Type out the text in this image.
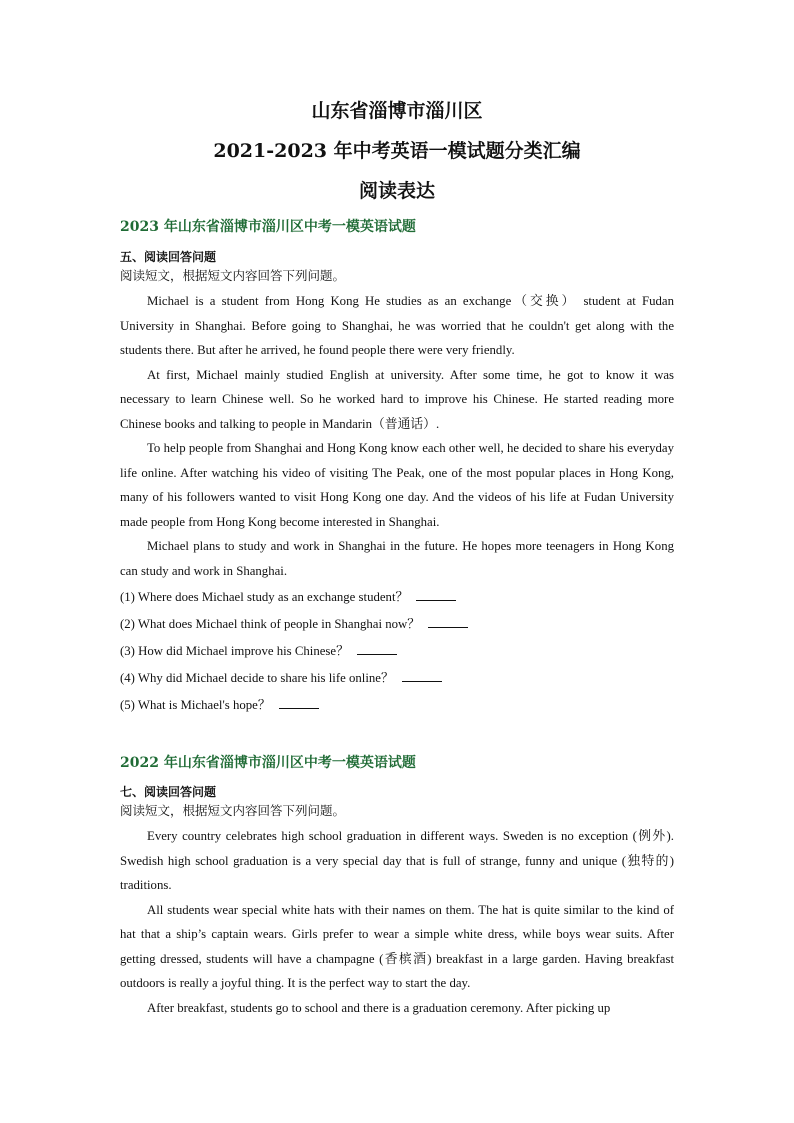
山东省淄博市淄川区
2021-2023 年中考英语一模试题分类汇编
阅读表达
2023 年山东省淄博市淄川区中考一模英语试题
五、阅读回答问题
阅读短文，根据短文内容回答下列问题。

Michael is a student from Hong Kong He studies as an exchange（交换） student at Fudan University in Shanghai. Before going to Shanghai, he was worried that he couldn't get along with the students there. But after he arrived, he found people there were very friendly.

At first, Michael mainly studied English at university. After some time, he got to know it was necessary to learn Chinese well. So he worked hard to improve his Chinese. He started reading more Chinese books and talking to people in Mandarin（普通话）.

To help people from Shanghai and Hong Kong know each other well, he decided to share his everyday life online. After watching his video of visiting The Peak, one of the most popular places in Hong Kong, many of his followers wanted to visit Hong Kong one day. And the videos of his life at Fudan University made people from Hong Kong become interested in Shanghai.

Michael plans to study and work in Shanghai in the future. He hopes more teenagers in Hong Kong can study and work in Shanghai.

(1) Where does Michael study as an exchange student？
(2) What does Michael think of people in Shanghai now？
(3) How did Michael improve his Chinese？
(4) Why did Michael decide to share his life online？
(5) What is Michael's hope？
2022 年山东省淄博市淄川区中考一模英语试题
七、阅读回答问题
阅读短文，根据短文内容回答下列问题。

Every country celebrates high school graduation in different ways. Sweden is no exception (例外). Swedish high school graduation is a very special day that is full of strange, funny and unique (独特的) traditions.

All students wear special white hats with their names on them. The hat is quite similar to the kind of hat that a ship’s captain wears. Girls prefer to wear a simple white dress, while boys wear suits. After getting dressed, students will have a champagne (香槟酒) breakfast in a large garden. Having breakfast outdoors is really a joyful thing. It is the perfect way to start the day.

After breakfast, students go to school and there is a graduation ceremony. After picking up
